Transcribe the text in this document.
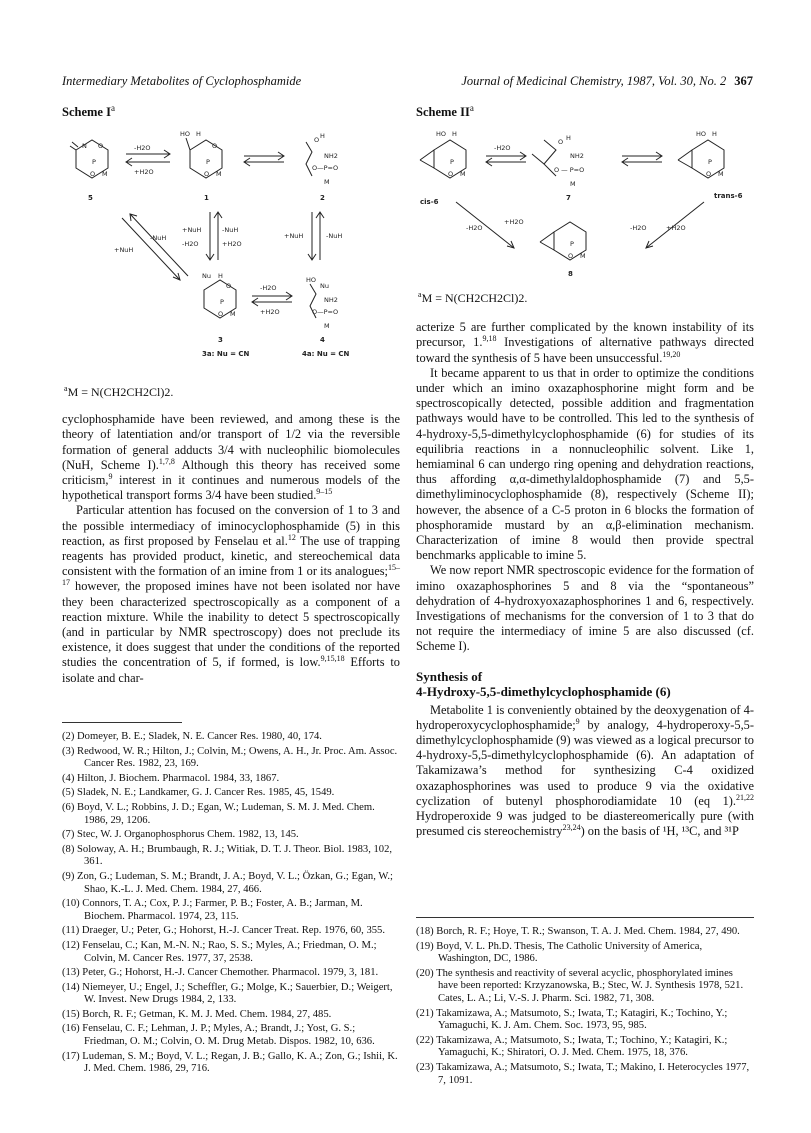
Intermediary Metabolites of Cyclophosphamide	Journal of Medicinal Chemistry, 1987, Vol. 30, No. 2 367

Scheme $I^a$

P
O
N
O M
-H2O
+H2O
HO H
P
O
O M
O H
NH2
O—P=O
M
5	1	2
-NuH
+NuH
+NuH	-NuH
-H2O	+H2O
+NuH	-NuH
Nu H
P
O
O M
-H2O
+H2O
HO
Nu
NH2
O—P=O
M
3	4
3a: Nu = CN	4a: Nu = CN

$^a$M = N(CH2CH2Cl)2.

cyclophosphamide have been reviewed, and among these is the theory of latentiation and/or transport of 1/2 via the reversible formation of general adducts 3/4 with nucleophilic biomolecules (NuH, Scheme I).$^{1,7,8}$ Although this theory has received some criticism,$^9$ interest in it continues and numerous models of the hypothetical transport forms 3/4 have been studied.$^{9-15}$

Particular attention has focused on the conversion of 1 to 3 and the possible intermediacy of iminocyclophosphamide (5) in this reaction, as first proposed by Fenselau et al.$^{12}$ The use of trapping reagents has provided product, kinetic, and stereochemical data consistent with the formation of an imine from 1 or its analogues;$^{15-17}$ however, the proposed imines have not been isolated nor have they been characterized spectroscopically as a component of a reaction mixture. While the inability to detect 5 spectroscopically (and in particular by NMR spectroscopy) does not preclude its existence, it does suggest that under the conditions of the reported studies the concentration of 5, if formed, is low.$^{9,15,18}$ Efforts to isolate and char-

(2) Domeyer, B. E.; Sladek, N. E. Cancer Res. 1980, 40, 174.
(3) Redwood, W. R.; Hilton, J.; Colvin, M.; Owens, A. H., Jr. Proc. Am. Assoc. Cancer Res. 1982, 23, 169.
(4) Hilton, J. Biochem. Pharmacol. 1984, 33, 1867.
(5) Sladek, N. E.; Landkamer, G. J. Cancer Res. 1985, 45, 1549.
(6) Boyd, V. L.; Robbins, J. D.; Egan, W.; Ludeman, S. M. J. Med. Chem. 1986, 29, 1206.
(7) Stec, W. J. Organophosphorus Chem. 1982, 13, 145.
(8) Soloway, A. H.; Brumbaugh, R. J.; Witiak, D. T. J. Theor. Biol. 1983, 102, 361.
(9) Zon, G.; Ludeman, S. M.; Brandt, J. A.; Boyd, V. L.; Özkan, G.; Egan, W.; Shao, K.-L. J. Med. Chem. 1984, 27, 466.
(10) Connors, T. A.; Cox, P. J.; Farmer, P. B.; Foster, A. B.; Jarman, M. Biochem. Pharmacol. 1974, 23, 115.
(11) Draeger, U.; Peter, G.; Hohorst, H.-J. Cancer Treat. Rep. 1976, 60, 355.
(12) Fenselau, C.; Kan, M.-N. N.; Rao, S. S.; Myles, A.; Friedman, O. M.; Colvin, M. Cancer Res. 1977, 37, 2538.
(13) Peter, G.; Hohorst, H.-J. Cancer Chemother. Pharmacol. 1979, 3, 181.
(14) Niemeyer, U.; Engel, J.; Scheffler, G.; Molge, K.; Sauerbier, D.; Weigert, W. Invest. New Drugs 1984, 2, 133.
(15) Borch, R. F.; Getman, K. M. J. Med. Chem. 1984, 27, 485.
(16) Fenselau, C. F.; Lehman, J. P.; Myles, A.; Brandt, J.; Yost, G. S.; Friedman, O. M.; Colvin, O. M. Drug Metab. Dispos. 1982, 10, 636.
(17) Ludeman, S. M.; Boyd, V. L.; Regan, J. B.; Gallo, K. A.; Zon, G.; Ishii, K. J. Med. Chem. 1986, 29, 716.

Scheme $II^a$

HO H
P
O M
-H2O
O H
NH2
O — P=O
M
7
HO H
P
O M
cis-6
trans-6
-H2O
+H2O
-H2O	+H2O
P
O M
8

$^a$M = N(CH2CH2Cl)2.

acterize 5 are further complicated by the known instability of its precursor, 1.$^{9,18}$ Investigations of alternative pathways directed toward the synthesis of 5 have been unsuccessful.$^{19,20}$

It became apparent to us that in order to optimize the conditions under which an imino oxazaphosphorine might form and be spectroscopically detected, possible addition and fragmentation pathways would have to be controlled. This led to the synthesis of 4-hydroxy-5,5-dimethylcyclophosphamide (6) for studies of its equilibria reactions in a nonnucleophilic solvent. Like 1, hemiaminal 6 can undergo ring opening and dehydration reactions, thus affording α,α-dimethylaldophosphamide (7) and 5,5-dimethyliminocyclophosphamide (8), respectively (Scheme II); however, the absence of a C-5 proton in 6 blocks the formation of phosphoramide mustard by an α,β-elimination mechanism. Characterization of imine 8 would then provide spectral benchmarks applicable to imine 5.

We now report NMR spectroscopic evidence for the formation of imino oxazaphosphorines 5 and 8 via the “spontaneous” dehydration of 4-hydroxyoxazaphosphorines 1 and 6, respectively. Investigations of mechanisms for the conversion of 1 to 3 that do not require the intermediacy of imine 5 are also discussed (cf. Scheme I).

Synthesis of
4-Hydroxy-5,5-dimethylcyclophosphamide (6)

Metabolite 1 is conveniently obtained by the deoxygenation of 4-hydroperoxycyclophosphamide;$^9$ by analogy, 4-hydroperoxy-5,5-dimethylcyclophosphamide (9) was viewed as a logical precursor to 4-hydroxy-5,5-dimethylcyclophosphamide (6). An adaptation of Takamizawa’s method for synthesizing C-4 oxidized oxazaphosphorines was used to produce 9 via the oxidative cyclization of butenyl phosphorodiamidate 10 (eq 1).$^{21,22}$ Hydroperoxide 9 was judged to be diastereomerically pure (with presumed cis stereochemistry$^{23,24}$) on the basis of ¹H, ¹³C, and ³¹P

(18) Borch, R. F.; Hoye, T. R.; Swanson, T. A. J. Med. Chem. 1984, 27, 490.
(19) Boyd, V. L. Ph.D. Thesis, The Catholic University of America, Washington, DC, 1986.
(20) The synthesis and reactivity of several acyclic, phosphorylated imines have been reported: Krzyzanowska, B.; Stec, W. J. Synthesis 1978, 521. Cates, L. A.; Li, V.-S. J. Pharm. Sci. 1982, 71, 308.
(21) Takamizawa, A.; Matsumoto, S.; Iwata, T.; Katagiri, K.; Tochino, Y.; Yamaguchi, K. J. Am. Chem. Soc. 1973, 95, 985.
(22) Takamizawa, A.; Matsumoto, S.; Iwata, T.; Tochino, Y.; Katagiri, K.; Yamaguchi, K.; Shiratori, O. J. Med. Chem. 1975, 18, 376.
(23) Takamizawa, A.; Matsumoto, S.; Iwata, T.; Makino, I. Heterocycles 1977, 7, 1091.
